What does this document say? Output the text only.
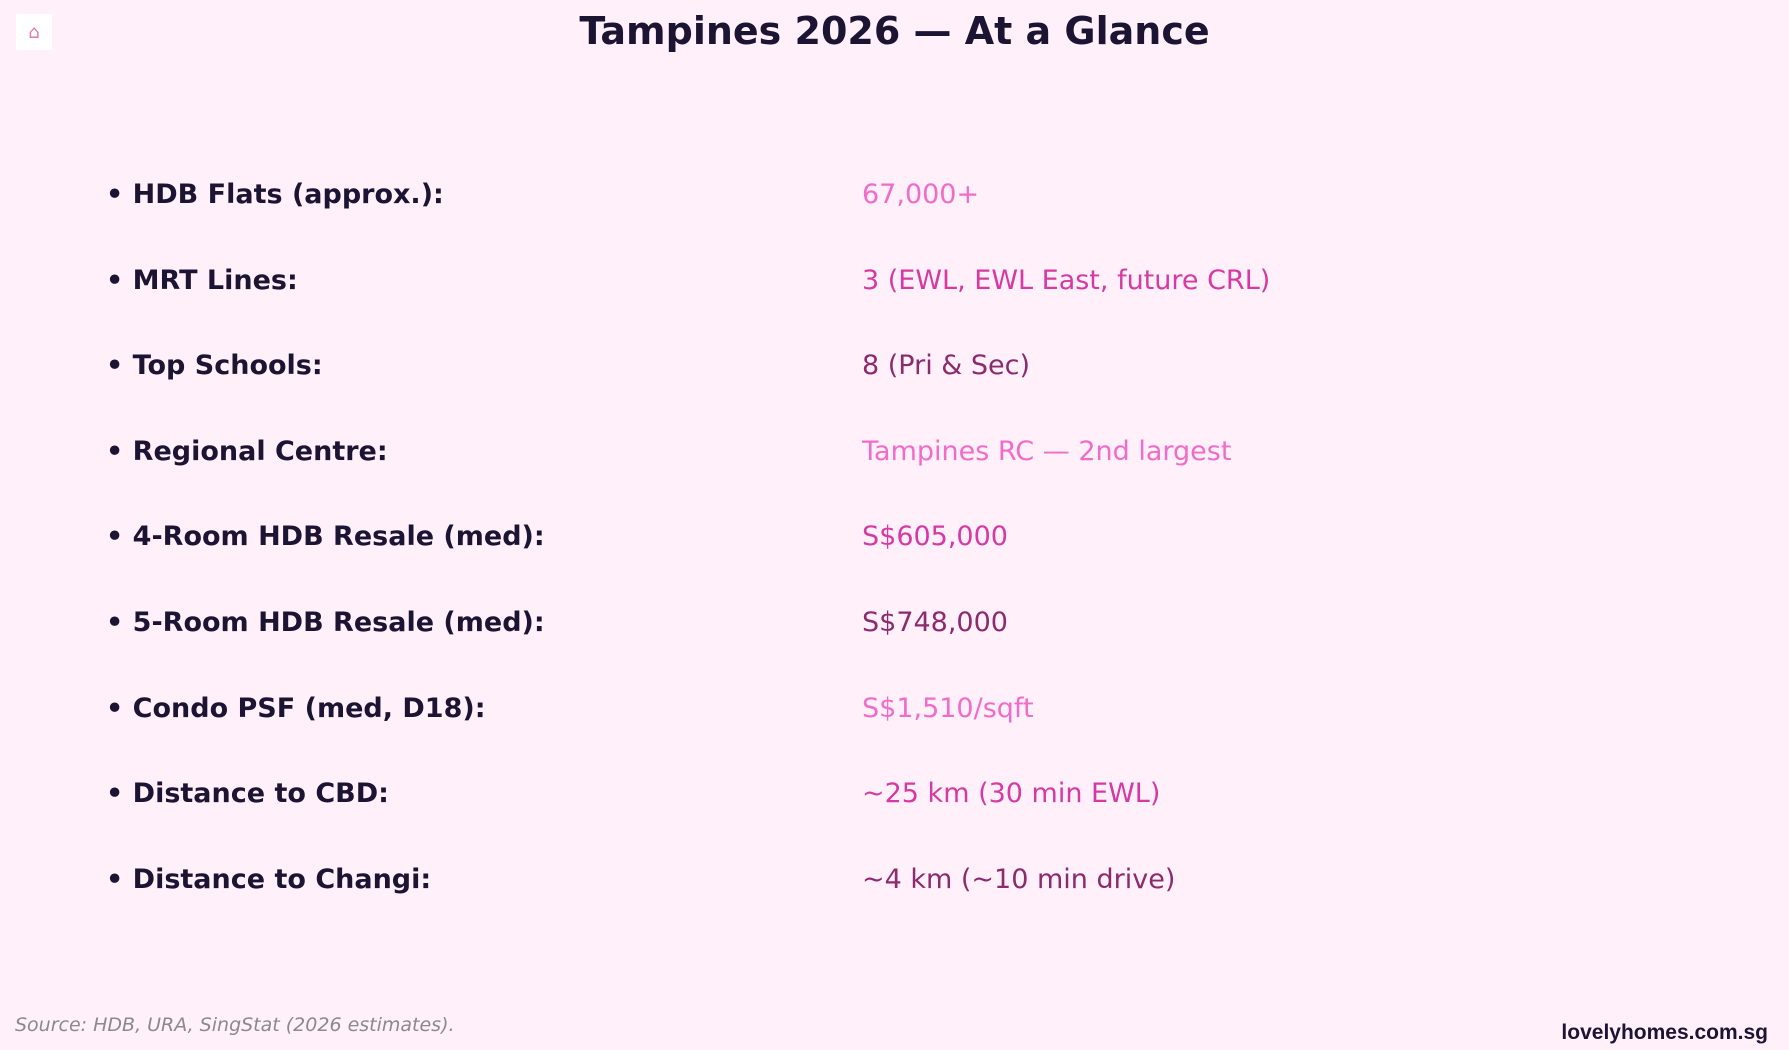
⌂	Tampines 2026 — At a Glance
• HDB Flats (approx.):	67,000+
• MRT Lines:	3 (EWL, EWL East, future CRL)
• Top Schools:	8 (Pri & Sec)
• Regional Centre:	Tampines RC — 2nd largest
• 4-Room HDB Resale (med):	S$605,000
• 5-Room HDB Resale (med):	S$748,000
• Condo PSF (med, D18):	S$1,510/sqft
• Distance to CBD:	~25 km (30 min EWL)
• Distance to Changi:	~4 km (~10 min drive)
Source: HDB, URA, SingStat (2026 estimates).	lovelyhomes.com.sg
